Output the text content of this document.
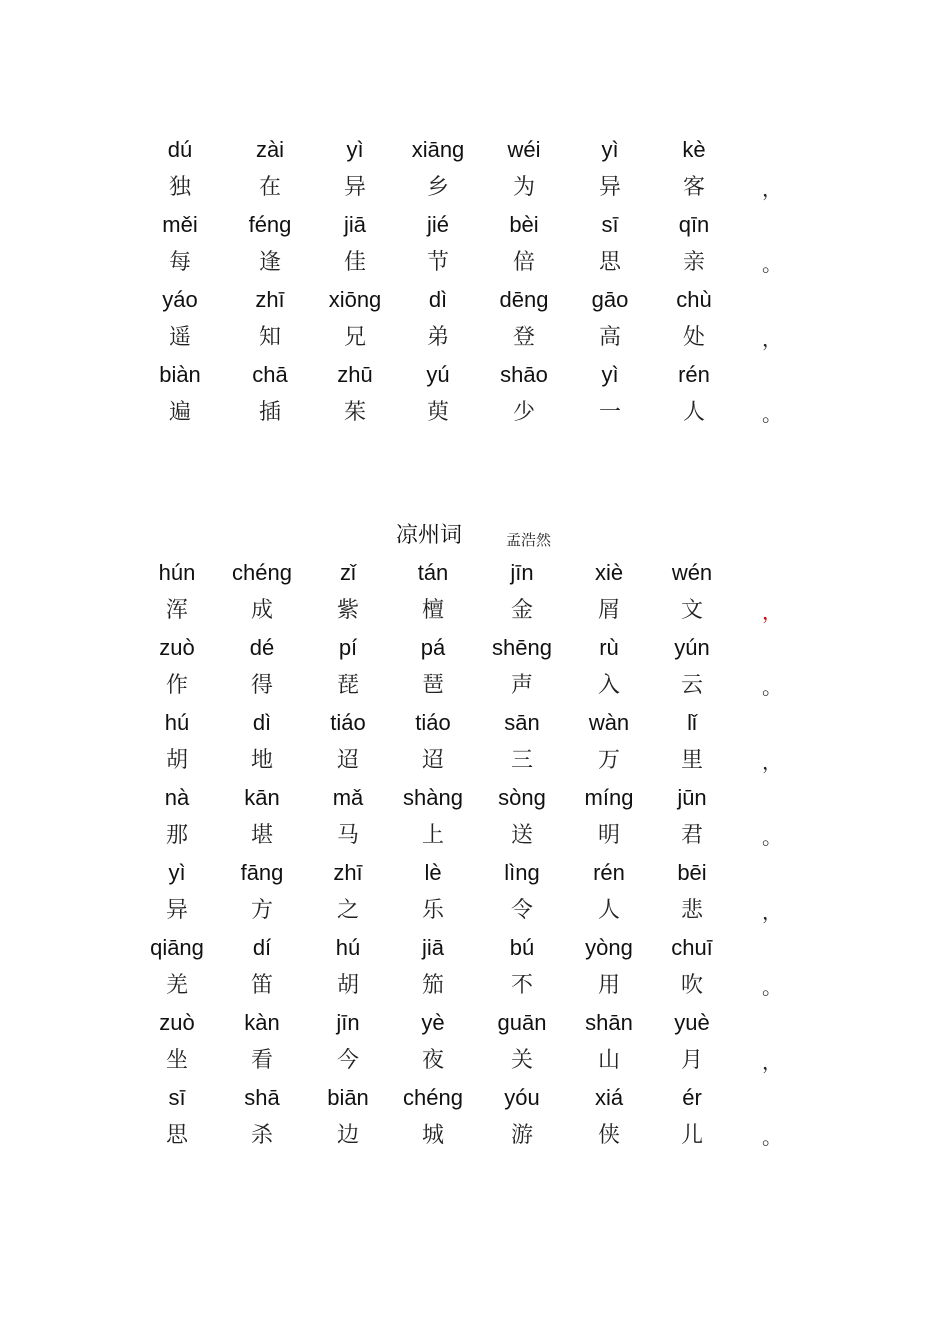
dú	zài	yì	xiāng	wéi	yì	kè
独	在	异	乡	为	异	客	，
měi	féng	jiā	jié	bèi	sī	qīn
每	逢	佳	节	倍	思	亲	。
yáo	zhī	xiōng	dì	dēng	gāo	chù
遥	知	兄	弟	登	高	处	，
biàn	chā	zhū	yú	shāo	yì	rén
遍	插	茱	萸	少	一	人	。
凉州词	孟浩然
hún	chéng	zǐ	tán	jīn	xiè	wén
浑	成	紫	檀	金	屑	文	，
zuò	dé	pí	pá	shēng	rù	yún
作	得	琵	琶	声	入	云	。
hú	dì	tiáo	tiáo	sān	wàn	lǐ
胡	地	迢	迢	三	万	里	，
nà	kān	mǎ	shàng	sòng	míng	jūn
那	堪	马	上	送	明	君	。
yì	fāng	zhī	lè	lìng	rén	bēi
异	方	之	乐	令	人	悲	，
qiāng	dí	hú	jiā	bú	yòng	chuī
羌	笛	胡	笳	不	用	吹	。
zuò	kàn	jīn	yè	guān	shān	yuè
坐	看	今	夜	关	山	月	，
sī	shā	biān	chéng	yóu	xiá	ér
思	杀	边	城	游	侠	儿	。
